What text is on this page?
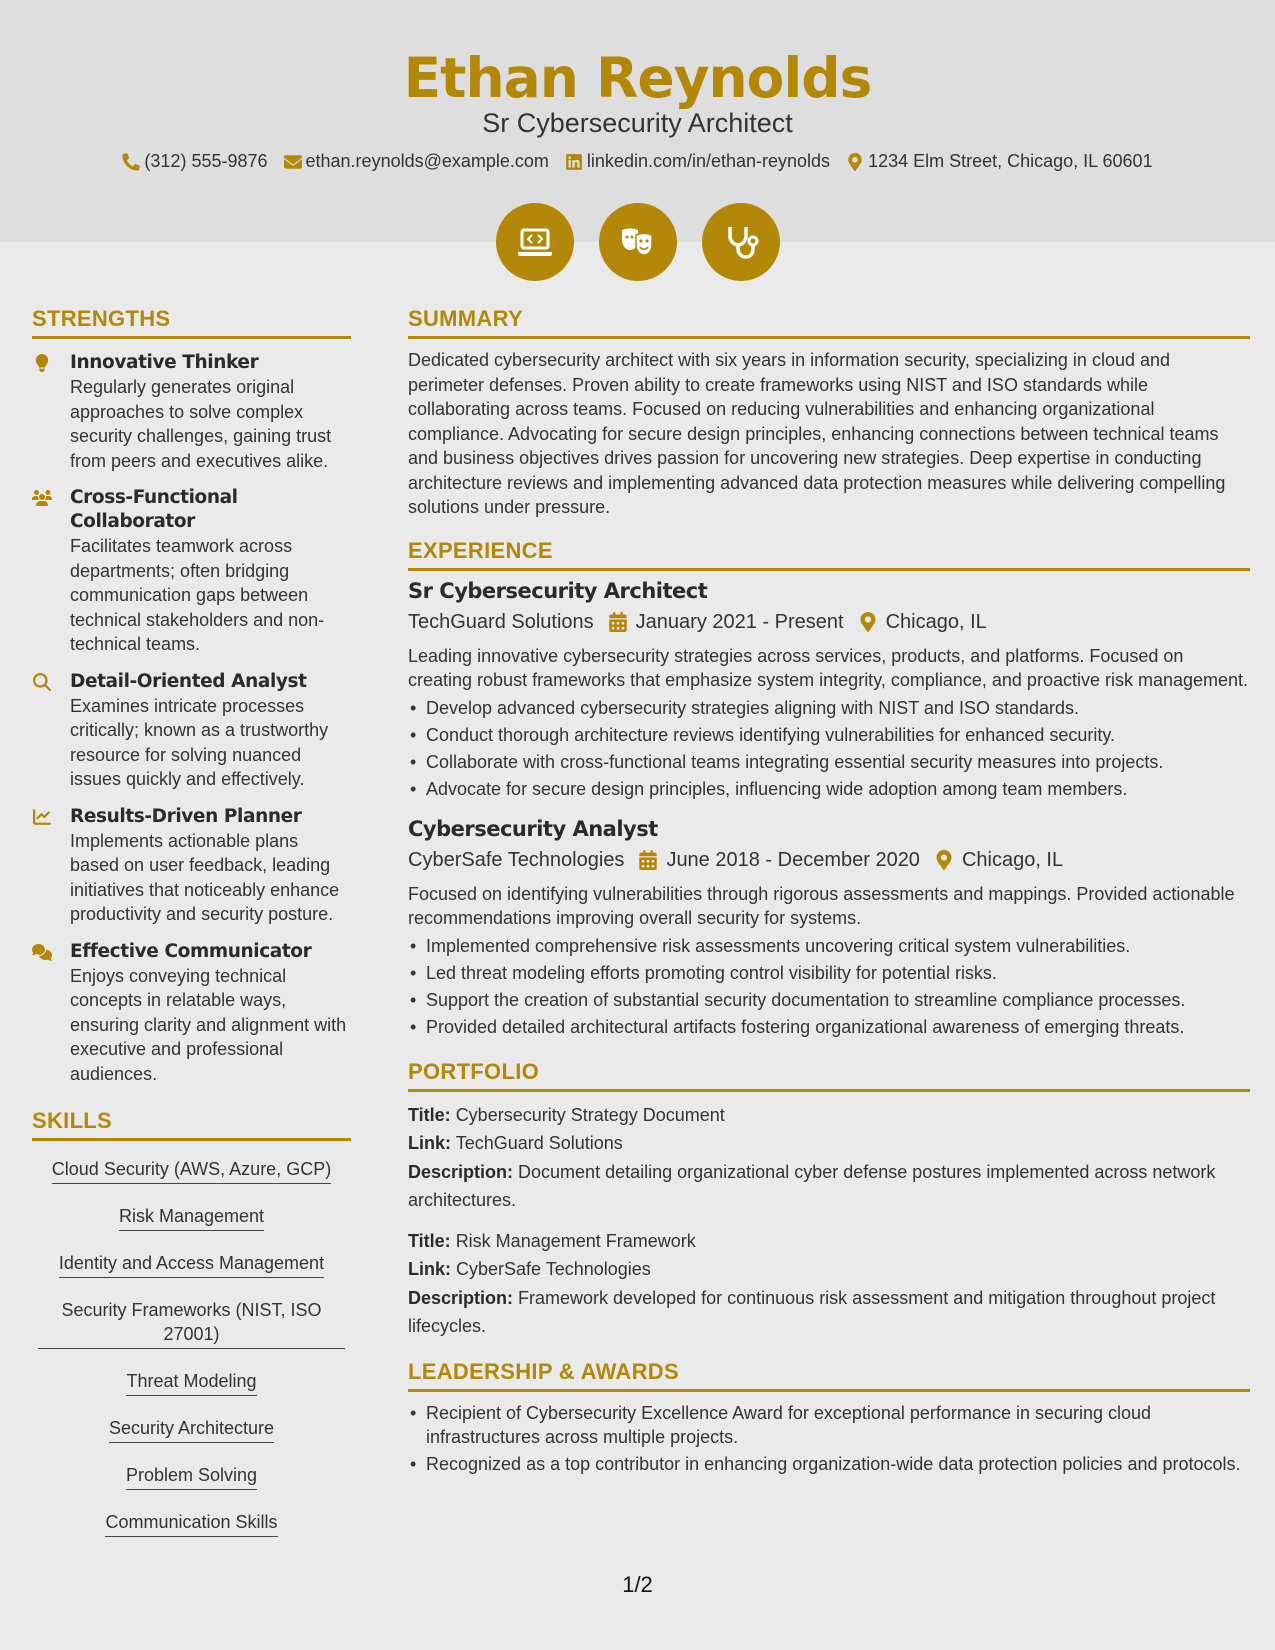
Ethan Reynolds
Sr Cybersecurity Architect
(312) 555-9876 ethan.reynolds@example.com linkedin.com/in/ethan-reynolds 1234 Elm Street, Chicago, IL 60601
STRENGTHS
Innovative Thinker
Regularly generates original approaches to solve complex security challenges, gaining trust from peers and executives alike.
Cross-Functional Collaborator
Facilitates teamwork across departments; often bridging communication gaps between technical stakeholders and non-technical teams.
Detail-Oriented Analyst
Examines intricate processes critically; known as a trustworthy resource for solving nuanced issues quickly and effectively.
Results-Driven Planner
Implements actionable plans based on user feedback, leading initiatives that noticeably enhance productivity and security posture.
Effective Communicator
Enjoys conveying technical concepts in relatable ways, ensuring clarity and alignment with executive and professional audiences.
SKILLS
Cloud Security (AWS, Azure, GCP)
Risk Management
Identity and Access Management
Security Frameworks (NIST, ISO 27001)
Threat Modeling
Security Architecture
Problem Solving
Communication Skills
SUMMARY
Dedicated cybersecurity architect with six years in information security, specializing in cloud and perimeter defenses. Proven ability to create frameworks using NIST and ISO standards while collaborating across teams. Focused on reducing vulnerabilities and enhancing organizational compliance. Advocating for secure design principles, enhancing connections between technical teams and business objectives drives passion for uncovering new strategies. Deep expertise in conducting architecture reviews and implementing advanced data protection measures while delivering compelling solutions under pressure.
EXPERIENCE
Sr Cybersecurity Architect
TechGuard Solutions January 2021 - Present Chicago, IL
Leading innovative cybersecurity strategies across services, products, and platforms. Focused on creating robust frameworks that emphasize system integrity, compliance, and proactive risk management.
• Develop advanced cybersecurity strategies aligning with NIST and ISO standards.
• Conduct thorough architecture reviews identifying vulnerabilities for enhanced security.
• Collaborate with cross-functional teams integrating essential security measures into projects.
• Advocate for secure design principles, influencing wide adoption among team members.
Cybersecurity Analyst
CyberSafe Technologies June 2018 - December 2020 Chicago, IL
Focused on identifying vulnerabilities through rigorous assessments and mappings. Provided actionable recommendations improving overall security for systems.
• Implemented comprehensive risk assessments uncovering critical system vulnerabilities.
• Led threat modeling efforts promoting control visibility for potential risks.
• Support the creation of substantial security documentation to streamline compliance processes.
• Provided detailed architectural artifacts fostering organizational awareness of emerging threats.
PORTFOLIO
Title: Cybersecurity Strategy Document
Link: TechGuard Solutions
Description: Document detailing organizational cyber defense postures implemented across network architectures.
Title: Risk Management Framework
Link: CyberSafe Technologies
Description: Framework developed for continuous risk assessment and mitigation throughout project lifecycles.
LEADERSHIP & AWARDS
• Recipient of Cybersecurity Excellence Award for exceptional performance in securing cloud infrastructures across multiple projects.
• Recognized as a top contributor in enhancing organization-wide data protection policies and protocols.
1/2
